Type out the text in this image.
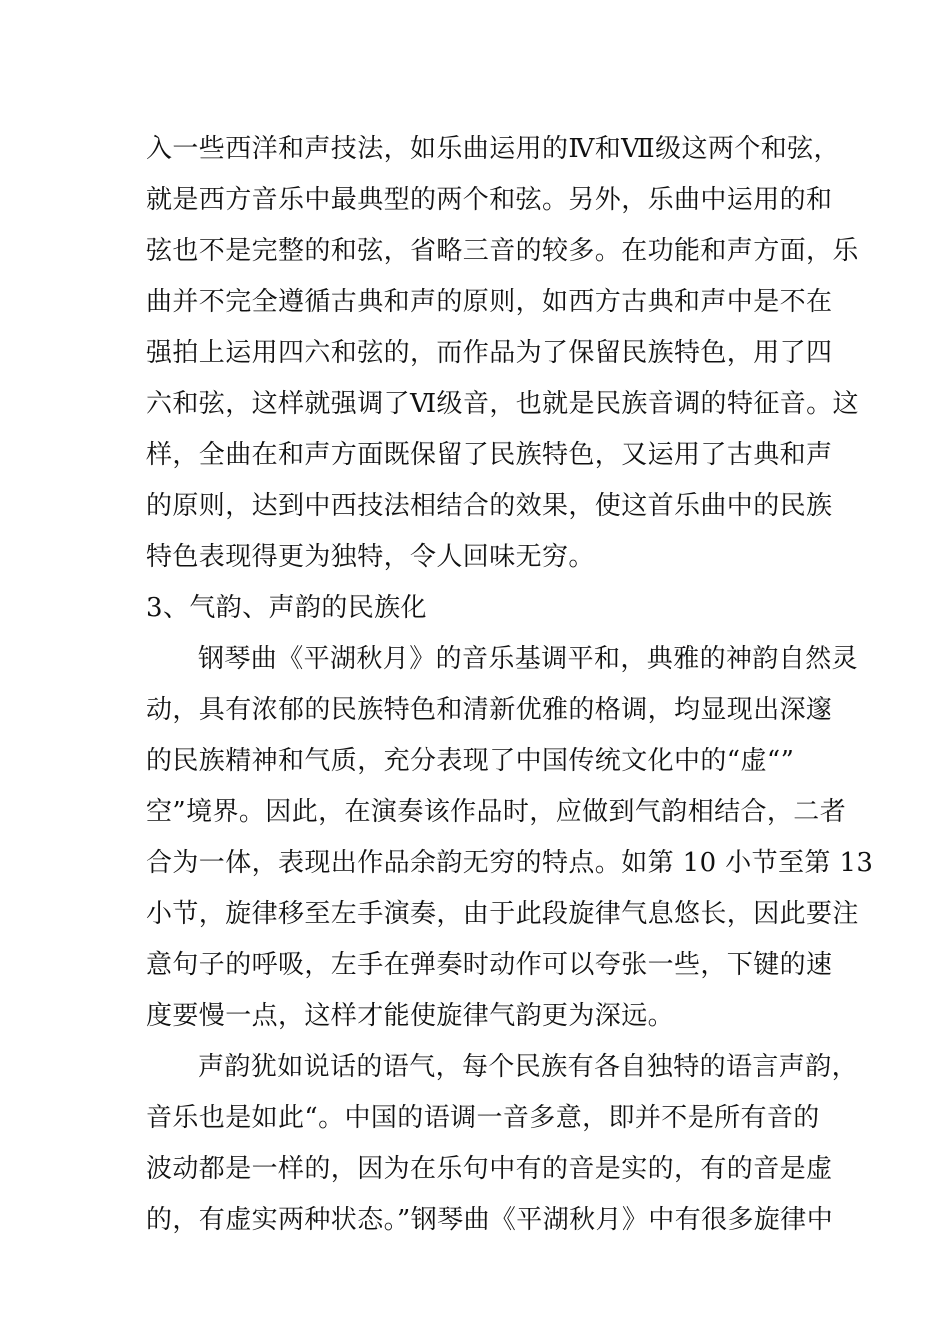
入一些西洋和声技法，如乐曲运用的Ⅳ和Ⅶ级这两个和弦，
就是西方音乐中最典型的两个和弦。另外，乐曲中运用的和
弦也不是完整的和弦，省略三音的较多。在功能和声方面，乐
曲并不完全遵循古典和声的原则，如西方古典和声中是不在
强拍上运用四六和弦的，而作品为了保留民族特色，用了四
六和弦，这样就强调了Ⅵ级音，也就是民族音调的特征音。这
样，全曲在和声方面既保留了民族特色，又运用了古典和声
的原则，达到中西技法相结合的效果，使这首乐曲中的民族
特色表现得更为独特，令人回味无穷。
3、气韵、声韵的民族化
钢琴曲《平湖秋月》的音乐基调平和，典雅的神韵自然灵
动，具有浓郁的民族特色和清新优雅的格调，均显现出深邃
的民族精神和气质，充分表现了中国传统文化中的“虚“”
空”境界。因此，在演奏该作品时，应做到气韵相结合，二者
合为一体，表现出作品余韵无穷的特点。如第 10 小节至第 13
小节，旋律移至左手演奏，由于此段旋律气息悠长，因此要注
意句子的呼吸，左手在弹奏时动作可以夸张一些，下键的速
度要慢一点，这样才能使旋律气韵更为深远。
声韵犹如说话的语气，每个民族有各自独特的语言声韵，
音乐也是如此“。中国的语调一音多意，即并不是所有音的
波动都是一样的，因为在乐句中有的音是实的，有的音是虚
的，有虚实两种状态。”钢琴曲《平湖秋月》中有很多旋律中
